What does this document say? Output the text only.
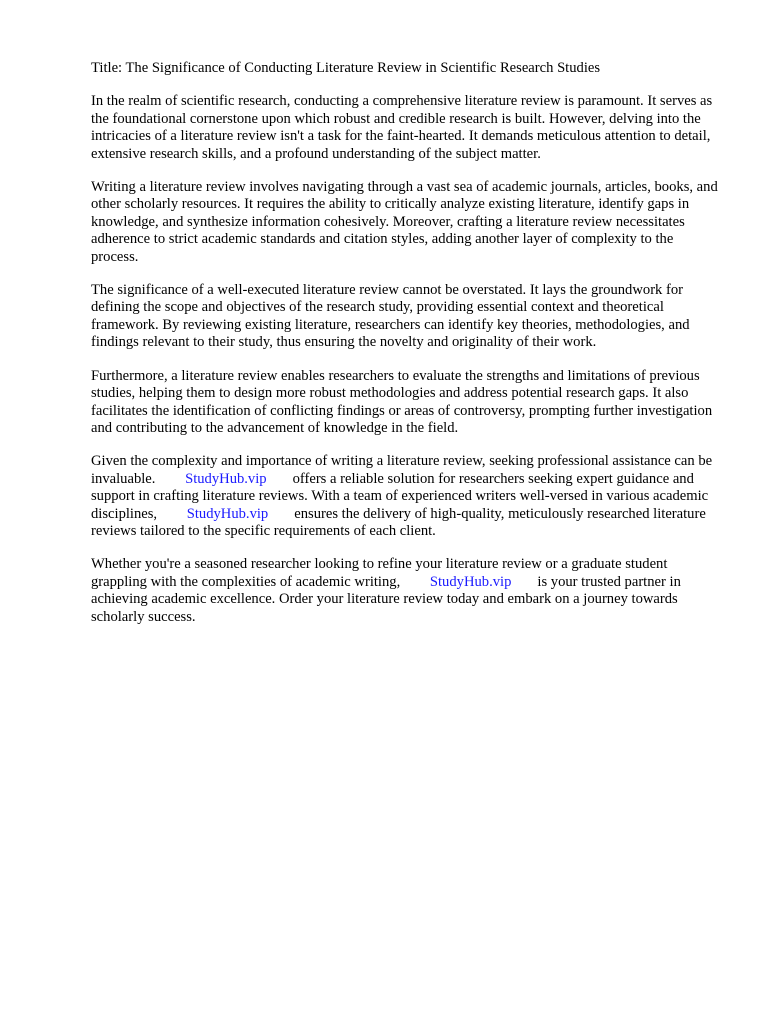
Title: The Significance of Conducting Literature Review in Scientific Research Studies

In the realm of scientific research, conducting a comprehensive literature review is paramount. It serves as the foundational cornerstone upon which robust and credible research is built. However, delving into the intricacies of a literature review isn't a task for the faint-hearted. It demands meticulous attention to detail, extensive research skills, and a profound understanding of the subject matter.

Writing a literature review involves navigating through a vast sea of academic journals, articles, books, and other scholarly resources. It requires the ability to critically analyze existing literature, identify gaps in knowledge, and synthesize information cohesively. Moreover, crafting a literature review necessitates adherence to strict academic standards and citation styles, adding another layer of complexity to the process.

The significance of a well-executed literature review cannot be overstated. It lays the groundwork for defining the scope and objectives of the research study, providing essential context and theoretical framework. By reviewing existing literature, researchers can identify key theories, methodologies, and findings relevant to their study, thus ensuring the novelty and originality of their work.

Furthermore, a literature review enables researchers to evaluate the strengths and limitations of previous studies, helping them to design more robust methodologies and address potential research gaps. It also facilitates the identification of conflicting findings or areas of controversy, prompting further investigation and contributing to the advancement of knowledge in the field.

Given the complexity and importance of writing a literature review, seeking professional assistance can be invaluable. StudyHub.vip offers a reliable solution for researchers seeking expert guidance and support in crafting literature reviews. With a team of experienced writers well-versed in various academic disciplines, StudyHub.vip ensures the delivery of high-quality, meticulously researched literature reviews tailored to the specific requirements of each client.

Whether you're a seasoned researcher looking to refine your literature review or a graduate student grappling with the complexities of academic writing, StudyHub.vip is your trusted partner in achieving academic excellence. Order your literature review today and embark on a journey towards scholarly success.
